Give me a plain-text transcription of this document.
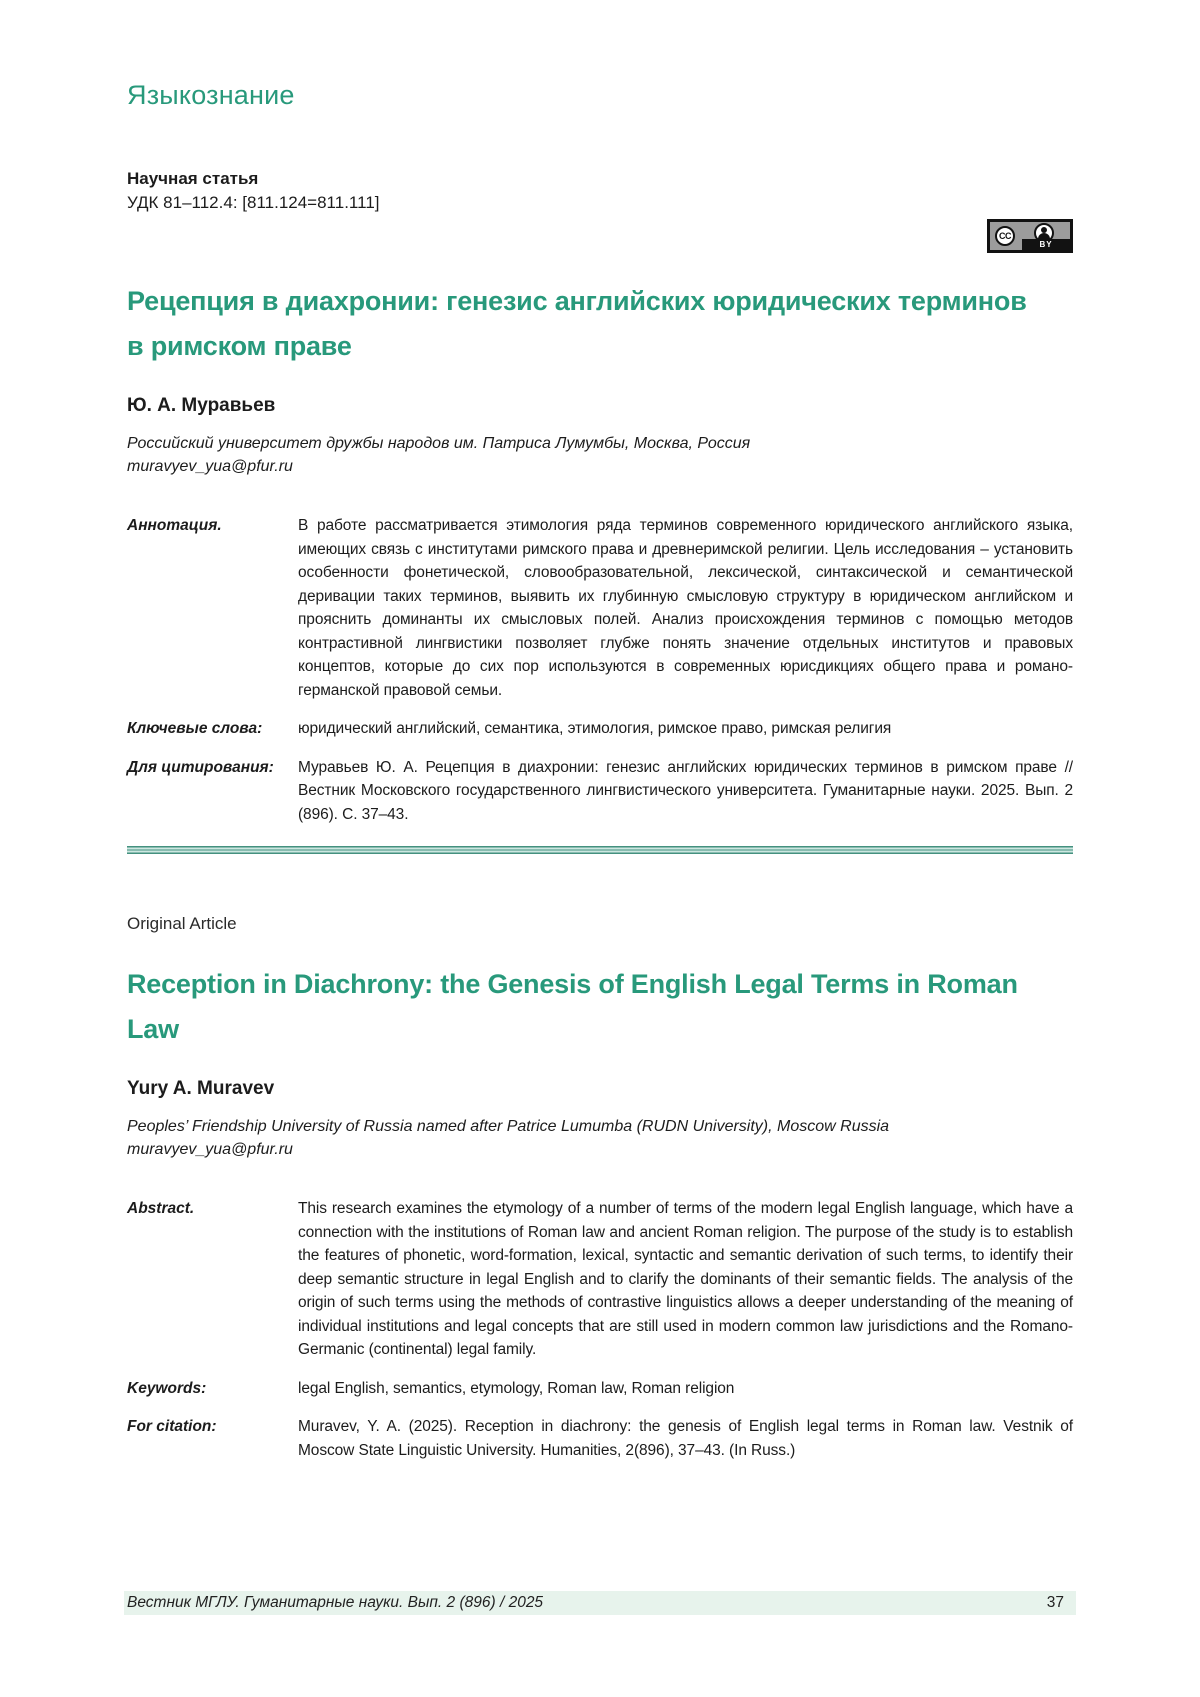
Языкознание
Научная статья
УДК 81–112.4: [811.124=811.111]
CC
BY
Рецепция в диахронии: генезис английских юридических терминов в римском праве
Ю. А. Муравьев
Российский университет дружбы народов им. Патриса Лумумбы, Москва, Россия
muravyev_yua@pfur.ru
Аннотация.	В работе рассматривается этимология ряда терминов современного юридического английского языка, имеющих связь с институтами римского права и древнеримской религии. Цель исследования – установить особенности фонетической, словообразовательной, лексической, синтаксической и семантической деривации таких терминов, выявить их глубинную смысловую структуру в юридическом английском и прояснить доминанты их смысловых полей. Анализ происхождения терминов с помощью методов контрастивной лингвистики позволяет глубже понять значение отдельных институтов и правовых концептов, которые до сих пор используются в современных юрисдикциях общего права и романо-германской правовой семьи.
Ключевые слова:	юридический английский, семантика, этимология, римское право, римская религия
Для цитирования:	Муравьев Ю. А. Рецепция в диахронии: генезис английских юридических терминов в римском праве // Вестник Московского государственного лингвистического университета. Гуманитарные науки. 2025. Вып. 2 (896). С. 37–43.
Original Article
Reception in Diachrony: the Genesis of English Legal Terms in Roman Law
Yury A. Muravev
Peoples’ Friendship University of Russia named after Patrice Lumumba (RUDN University), Moscow Russia
muravyev_yua@pfur.ru
Abstract.	This research examines the etymology of a number of terms of the modern legal English language, which have a connection with the institutions of Roman law and ancient Roman religion. The purpose of the study is to establish the features of phonetic, word-formation, lexical, syntactic and semantic derivation of such terms, to identify their deep semantic structure in legal English and to clarify the dominants of their semantic fields. The analysis of the origin of such terms using the methods of contrastive linguistics allows a deeper understanding of the meaning of individual institutions and legal concepts that are still used in modern common law jurisdictions and the Romano-Germanic (continental) legal family.
Keywords:	legal English, semantics, etymology, Roman law, Roman religion
For citation:	Muravev, Y. A. (2025). Reception in diachrony: the genesis of English legal terms in Roman law. Vestnik of Moscow State Linguistic University. Humanities, 2(896), 37–43. (In Russ.)
Вестник МГЛУ. Гуманитарные науки. Вып. 2 (896) / 2025	37
